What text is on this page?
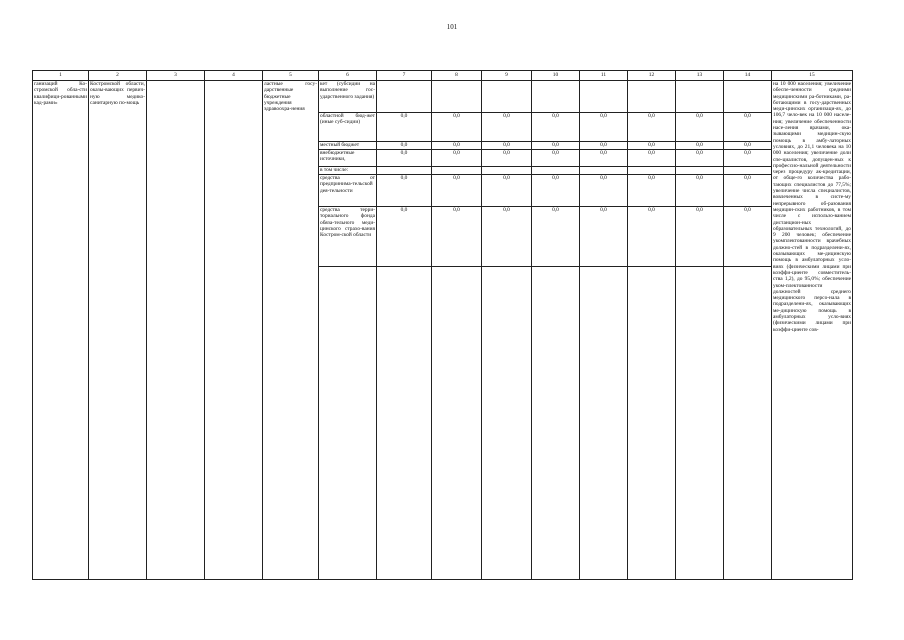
101
1	2	3	4	5	6	7	8	9	10	11	12	13	14	15
ганизаций Ко-стромской обла-сти квалифици-рованными кад-рами»	Костромской области, оказы-вающих первич-ную медико-санитарную по-мощь			ластные госу-дарственные бюджетные учреждения здравоохра-нения	кет (субсидии на выполнение гос-ударственного задания)									на 10 000 населения; увеличение обеспе-ченности средними медицинскими ра-ботниками, ра-ботающими в госу-дарственных меди-цинских организаци-ях, до 106,7 чело-век на 10 000 населе-ния; увеличение обеспеченности насе-ления врачами, ока-зывающими медицин-скую помощь в амбу-латорных условиях, до 21,1 человека на 10 000 населения; увеличение доли спе-циалистов, допущен-ных к профессио-нальной деятельности через процедуру ак-кредитации, от обще-го количества рабо-тающих специалистов до 77,5%; увеличение числа специалистов, вовлеченных в систе-му непрерывного об-разования медицин-ских работников, в том числе с использо-ванием дистанцион-ных образовательных технологий, до 9 200 человек; обеспечение укомплектованности врачебных должно-стей в подразделени-ях, оказывающих ме-дицинскую помощь в амбулаторных усло-виях (физическими лицами при коэффи-циенте совместитель-ства 1,2), до 95,0%; обеспечение уком-плектованности должностей среднего медицинского персо-нала в подразделени-ях, оказывающих ме-дицинскую помощь в амбулаторных усло-виях (физическими лицами при коэффи-циенте сов-
					областной бюд-жет (иные суб-сидии)	0,0	0,0	0,0	0,0	0,0	0,0	0,0	0,0	
					местный бюджет	0,0	0,0	0,0	0,0	0,0	0,0	0,0	0,0	
					внебюджетные источники,	0,0	0,0	0,0	0,0	0,0	0,0	0,0	0,0	
					в том числе:									
					средства от предпринима-тельской дея-тельности	0,0	0,0	0,0	0,0	0,0	0,0	0,0	0,0	
					средства терри-ториального фонда обяза-тельного меди-цинского страхо-вания Костром-ской области	0,0	0,0	0,0	0,0	0,0	0,0	0,0	0,0	
